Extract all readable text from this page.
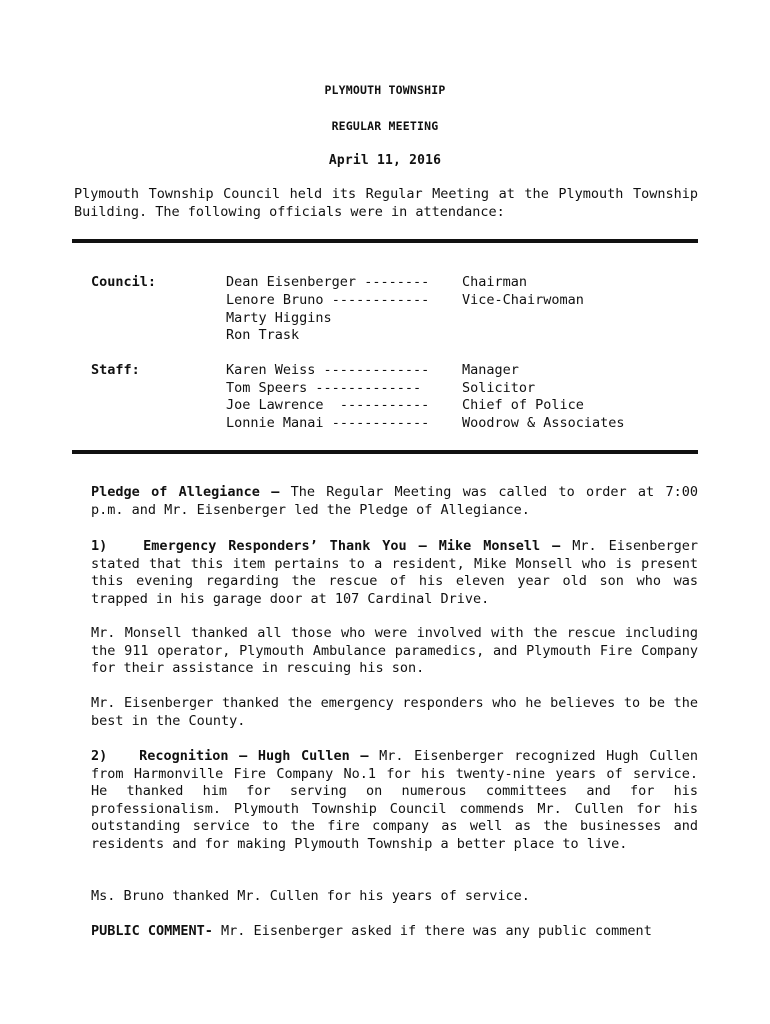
PLYMOUTH TOWNSHIP
REGULAR MEETING
April 11, 2016

Plymouth Township Council held its Regular Meeting at the Plymouth Township Building. The following officials were in attendance:

Council:	Dean Eisenberger -------- Chairman
Lenore Bruno ------------ Vice-Chairwoman
Marty Higgins
Ron Trask
Staff:	Karen Weiss ------------- Manager
Tom Speers -------------	Solicitor
Joe Lawrence  ----------- Chief of Police
Lonnie Manai ------------ Woodrow & Associates

Pledge of Allegiance – The Regular Meeting was called to order at 7:00 p.m. and Mr. Eisenberger led the Pledge of Allegiance.

1)   Emergency Responders’ Thank You – Mike Monsell – Mr. Eisenberger stated that this item pertains to a resident, Mike Monsell who is present this evening regarding the rescue of his eleven year old son who was trapped in his garage door at 107 Cardinal Drive.

Mr. Monsell thanked all those who were involved with the rescue including the 911 operator, Plymouth Ambulance paramedics, and Plymouth Fire Company for their assistance in rescuing his son.

Mr. Eisenberger thanked the emergency responders who he believes to be the best in the County.

2)   Recognition – Hugh Cullen – Mr. Eisenberger recognized Hugh Cullen from Harmonville Fire Company No.1 for his twenty-nine years of service. He thanked him for serving on numerous committees and for his professionalism. Plymouth Township Council commends Mr. Cullen for his outstanding service to the fire company as well as the businesses and residents and for making Plymouth Township a better place to live.

Ms. Bruno thanked Mr. Cullen for his years of service.

PUBLIC COMMENT- Mr. Eisenberger asked if there was any public comment
